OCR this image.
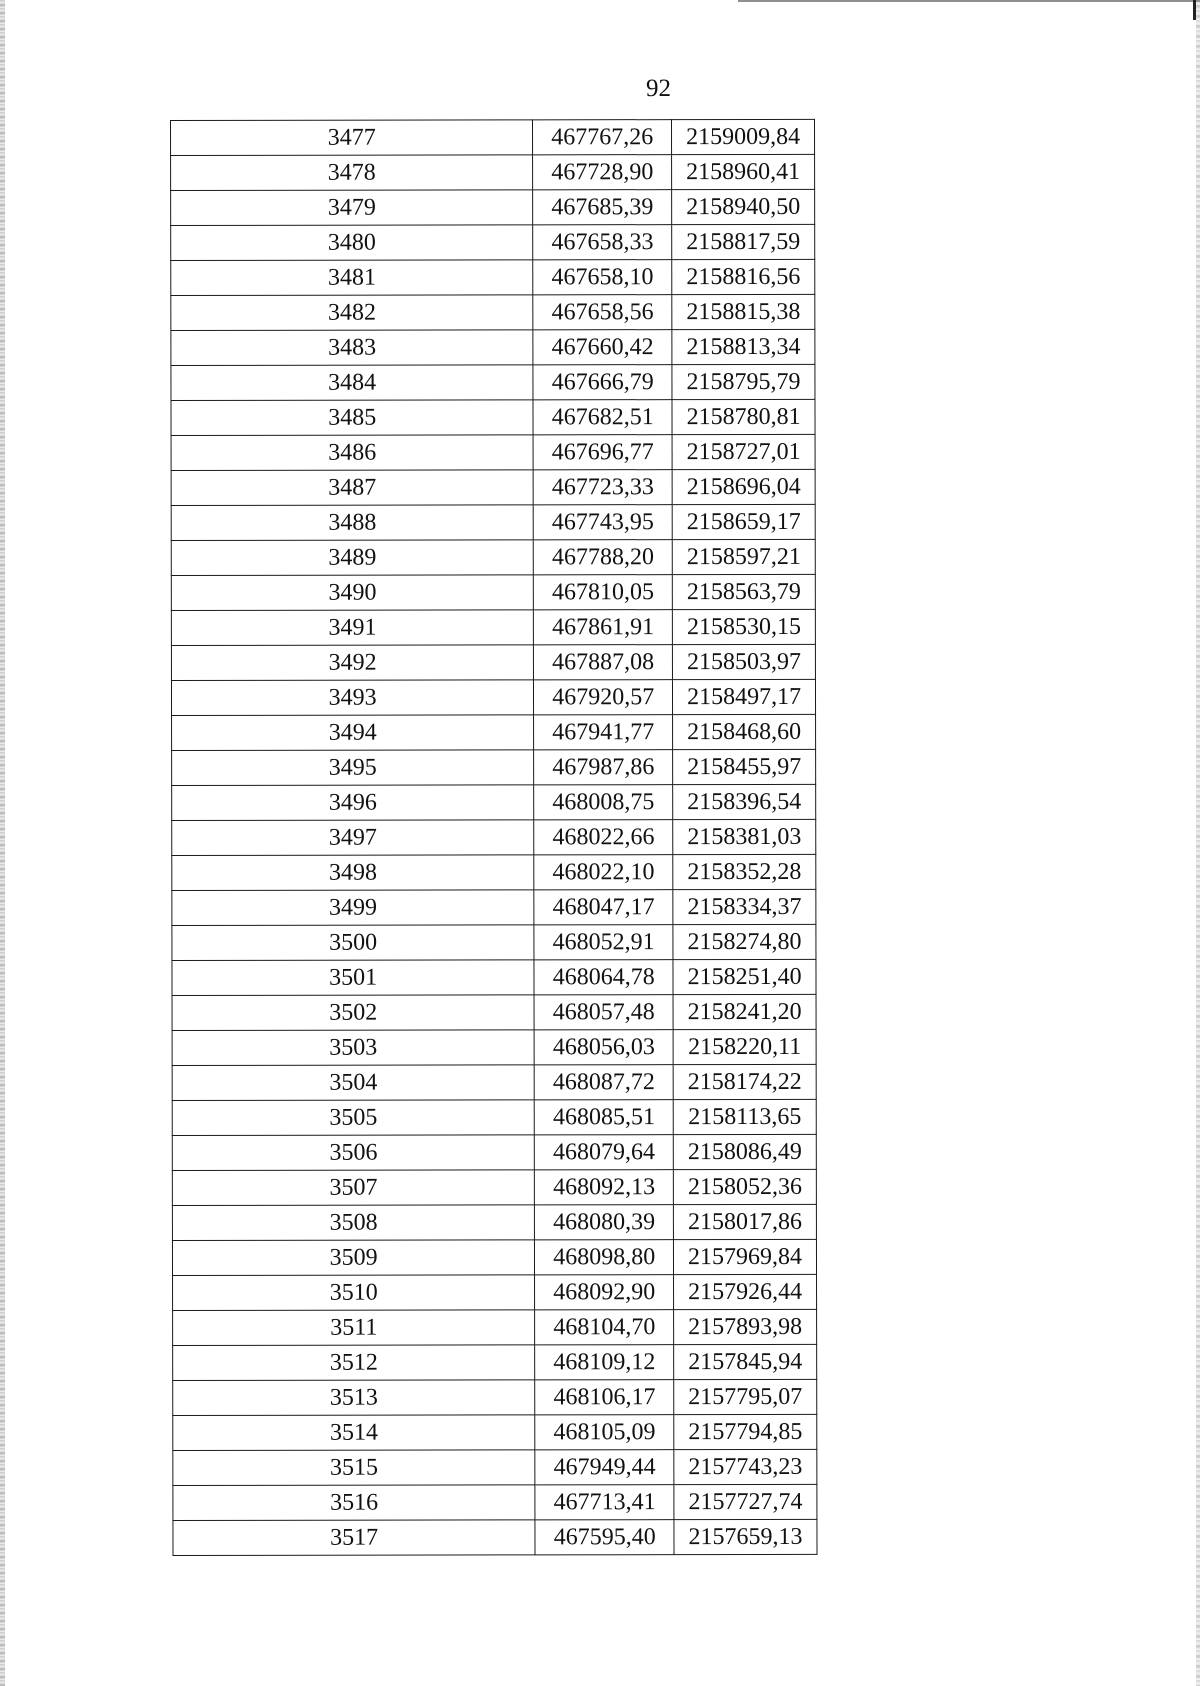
92
3477	467767,26	2159009,84
3478	467728,90	2158960,41
3479	467685,39	2158940,50
3480	467658,33	2158817,59
3481	467658,10	2158816,56
3482	467658,56	2158815,38
3483	467660,42	2158813,34
3484	467666,79	2158795,79
3485	467682,51	2158780,81
3486	467696,77	2158727,01
3487	467723,33	2158696,04
3488	467743,95	2158659,17
3489	467788,20	2158597,21
3490	467810,05	2158563,79
3491	467861,91	2158530,15
3492	467887,08	2158503,97
3493	467920,57	2158497,17
3494	467941,77	2158468,60
3495	467987,86	2158455,97
3496	468008,75	2158396,54
3497	468022,66	2158381,03
3498	468022,10	2158352,28
3499	468047,17	2158334,37
3500	468052,91	2158274,80
3501	468064,78	2158251,40
3502	468057,48	2158241,20
3503	468056,03	2158220,11
3504	468087,72	2158174,22
3505	468085,51	2158113,65
3506	468079,64	2158086,49
3507	468092,13	2158052,36
3508	468080,39	2158017,86
3509	468098,80	2157969,84
3510	468092,90	2157926,44
3511	468104,70	2157893,98
3512	468109,12	2157845,94
3513	468106,17	2157795,07
3514	468105,09	2157794,85
3515	467949,44	2157743,23
3516	467713,41	2157727,74
3517	467595,40	2157659,13
